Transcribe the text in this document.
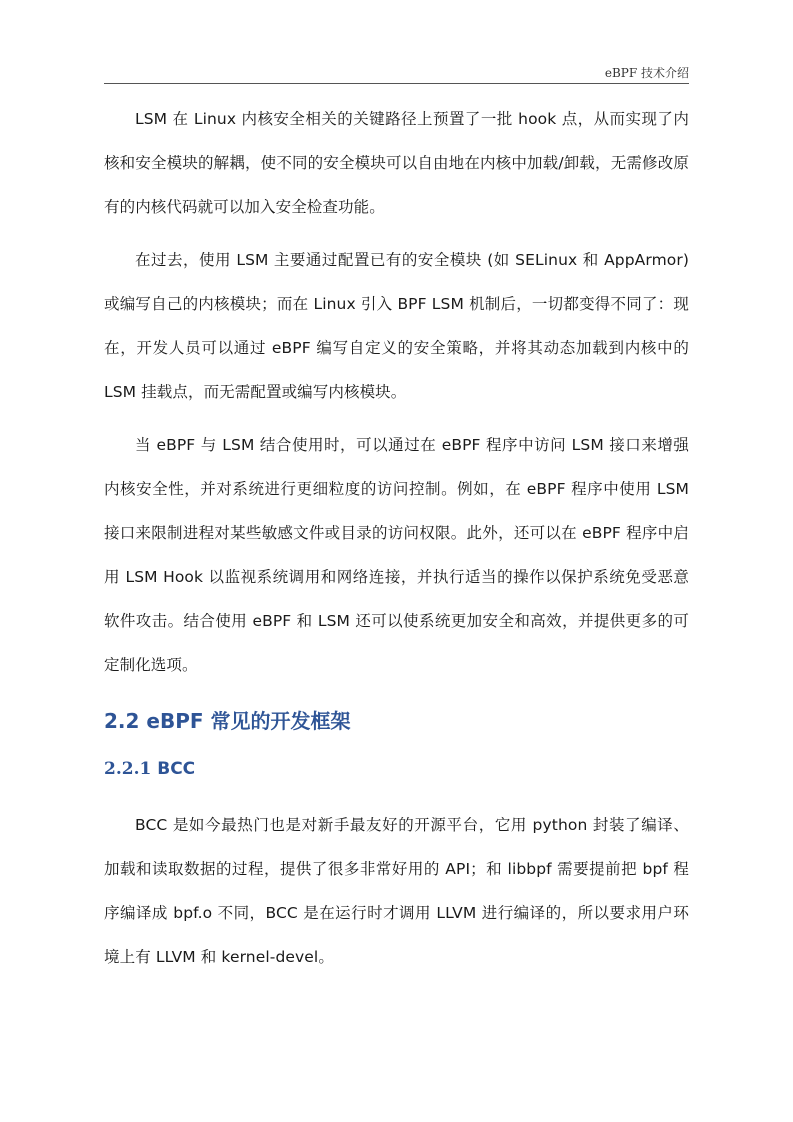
eBPF 技术介绍

LSM 在 Linux 内核安全相关的关键路径上预置了一批 hook 点，从而实现了内核和安全模块的解耦，使不同的安全模块可以自由地在内核中加载/卸载，无需修改原有的内核代码就可以加入安全检查功能。

在过去，使用 LSM 主要通过配置已有的安全模块 (如 SELinux 和 AppArmor) 或编写自己的内核模块；而在 Linux 引入 BPF LSM 机制后，一切都变得不同了：现在，开发人员可以通过 eBPF 编写自定义的安全策略，并将其动态加载到内核中的 LSM 挂载点，而无需配置或编写内核模块。

当 eBPF 与 LSM 结合使用时，可以通过在 eBPF 程序中访问 LSM 接口来增强内核安全性，并对系统进行更细粒度的访问控制。例如，在 eBPF 程序中使用 LSM 接口来限制进程对某些敏感文件或目录的访问权限。此外，还可以在 eBPF 程序中启用 LSM Hook 以监视系统调用和网络连接，并执行适当的操作以保护系统免受恶意软件攻击。结合使用 eBPF 和 LSM 还可以使系统更加安全和高效，并提供更多的可定制化选项。

2.2 eBPF 常见的开发框架
2.2.1 BCC

BCC 是如今最热门也是对新手最友好的开源平台，它用 python 封装了编译、加载和读取数据的过程，提供了很多非常好用的 API；和 libbpf 需要提前把 bpf 程序编译成 bpf.o 不同，BCC 是在运行时才调用 LLVM 进行编译的，所以要求用户环境上有 LLVM 和 kernel-devel。
